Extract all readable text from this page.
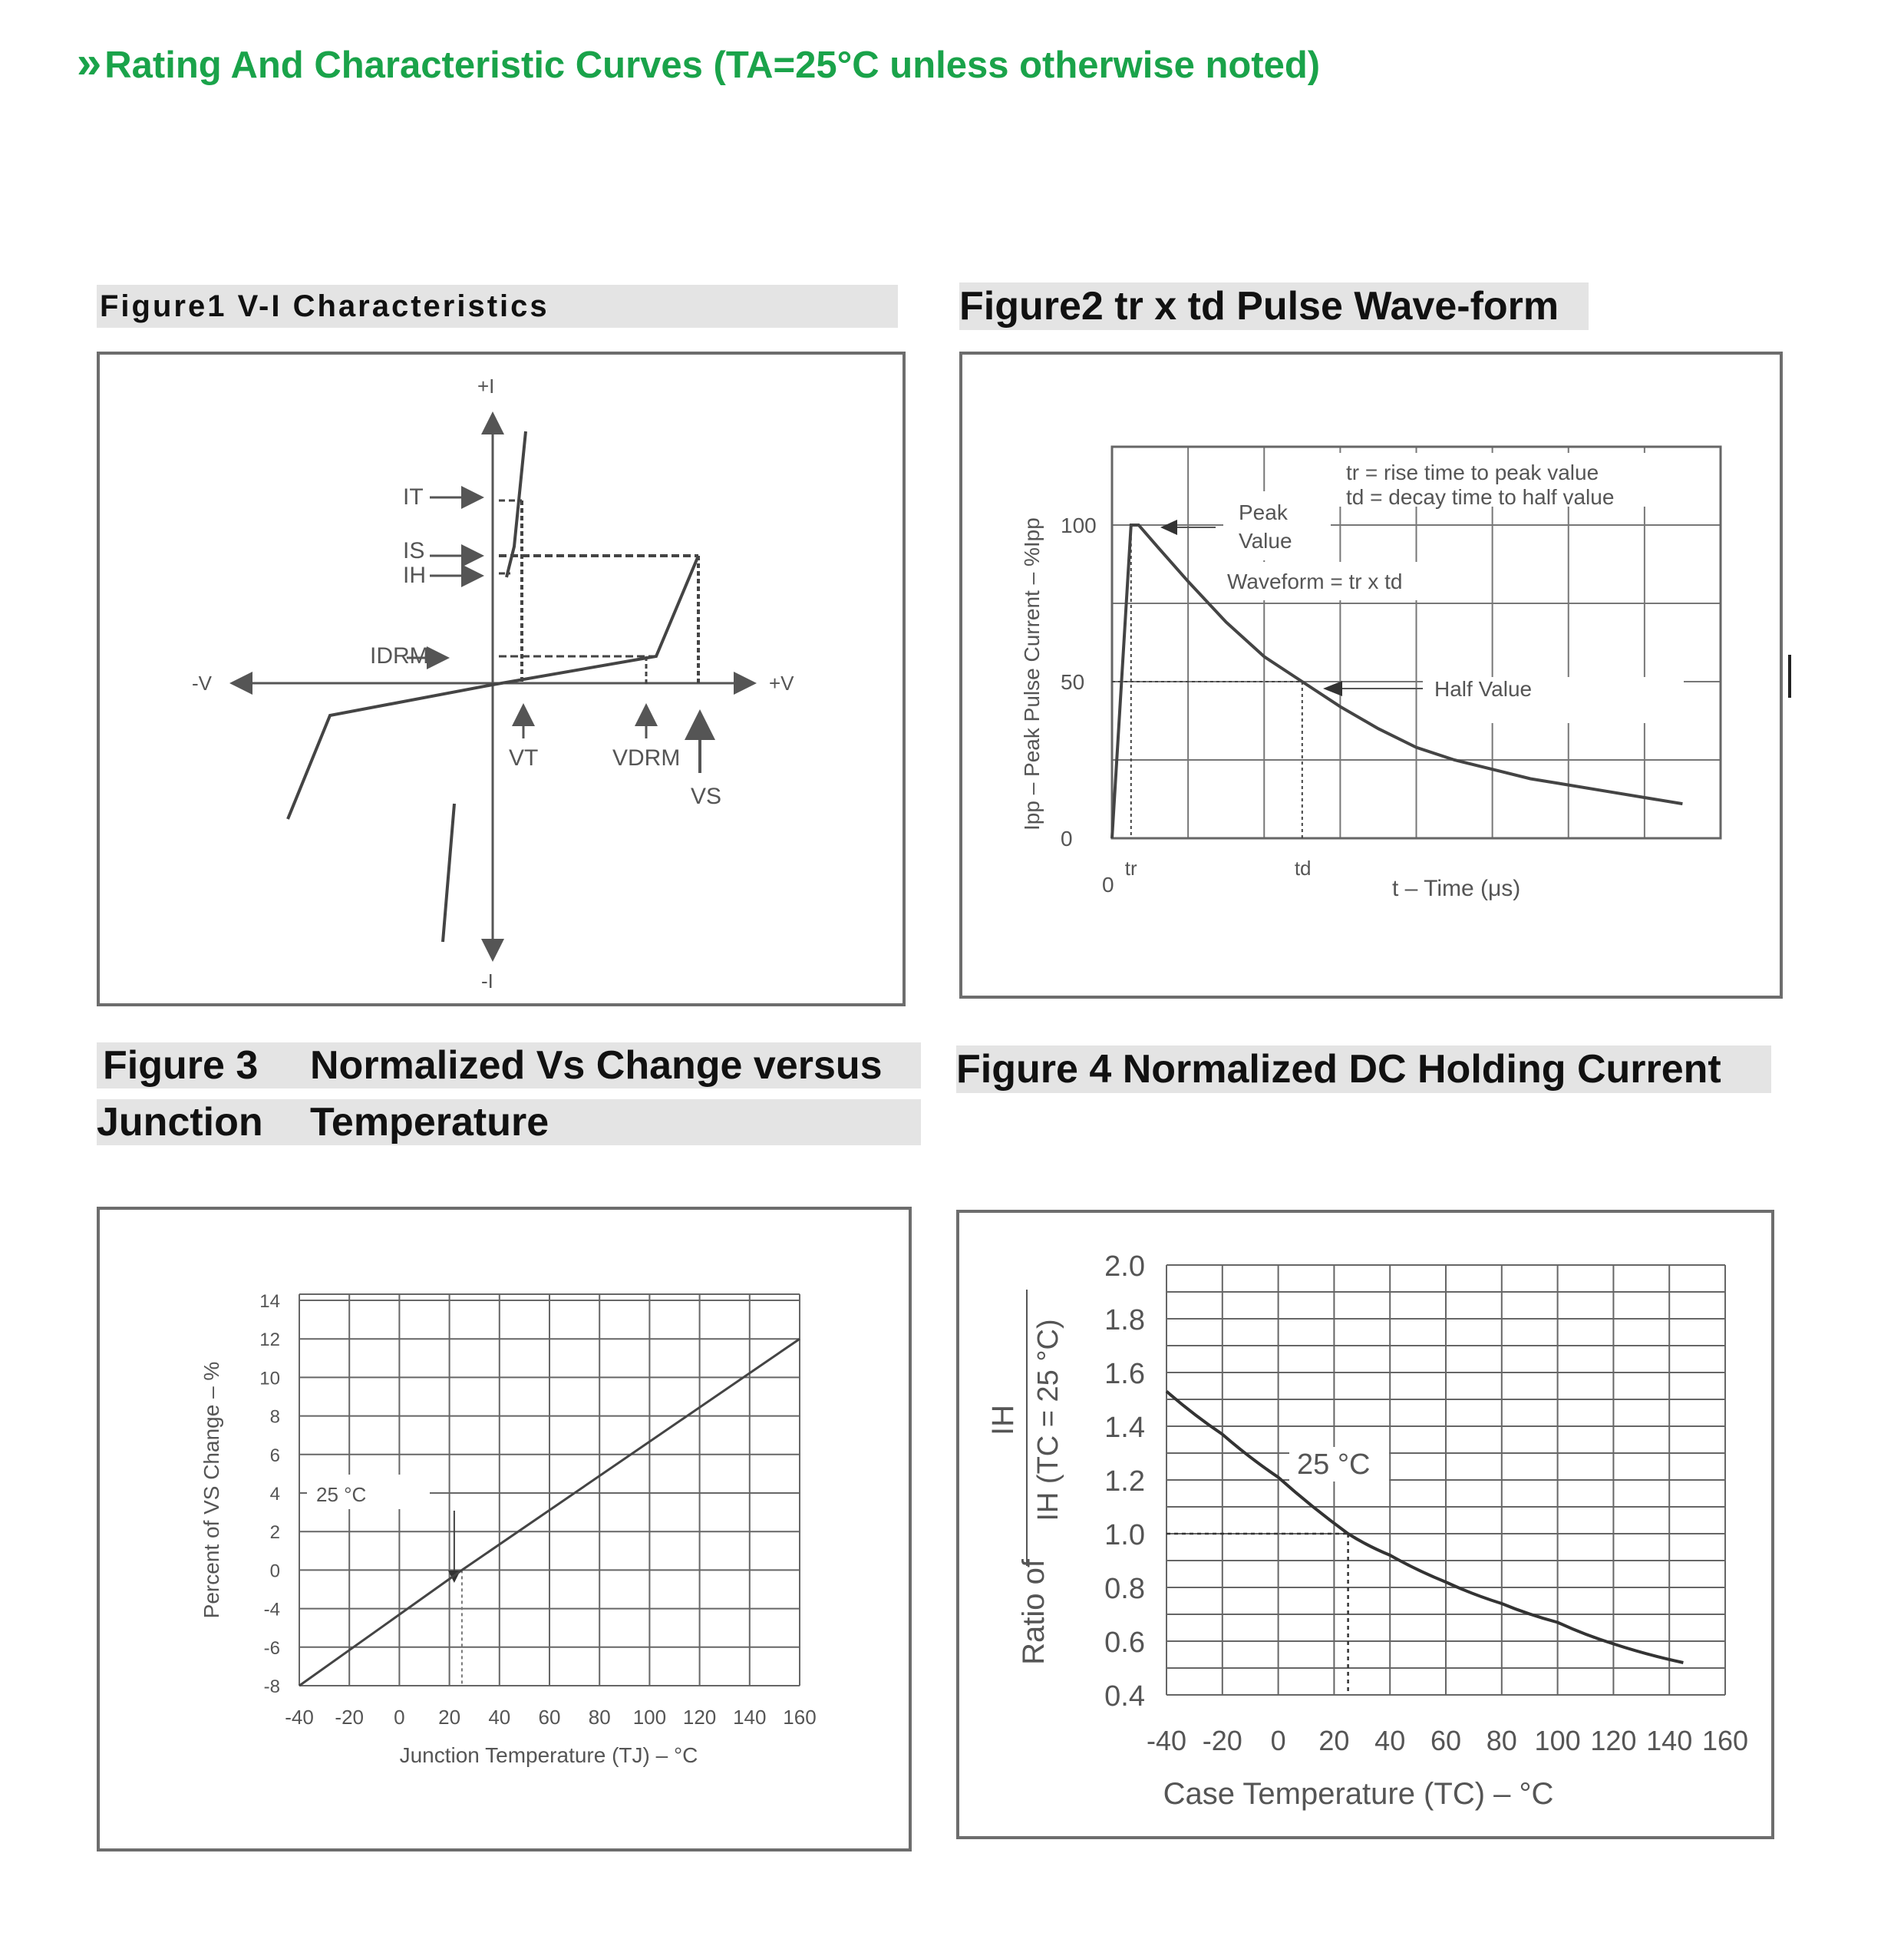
»Rating And Characteristic Curves (TA=25°C unless otherwise noted)
Figure1 V-I Characteristics
+I
-I
-V	+V
IT
IS
IH
IDRM
VT	VDRM
VS
Figure2 tr x td Pulse Wave-form
100
50
0
0
tr	td
t – Time (μs)
Ipp – Peak Pulse Current – %Ipp
tr = rise time to peak value
td = decay time to half value
Peak
Value
Waveform = tr x td
Half Value
Figure 3 Normalized Vs Change versus
Junction Temperature
25 °C
14
12
10
8
6
4
2
0
-4
-6
-8
-40 -20 0 20 40 60 80 100 120 140 160
Junction Temperature (TJ) – °C
Percent of VS Change – %
Figure 4 Normalized DC Holding Current
25 °C
0.4
0.6
0.8
1.0
1.2
1.4
1.6
1.8
2.0
-40 -20 0 20 40 60 80 100 120 140 160
Case Temperature (TC) – °C
Ratio of
IH IH (TC = 25 °C)
